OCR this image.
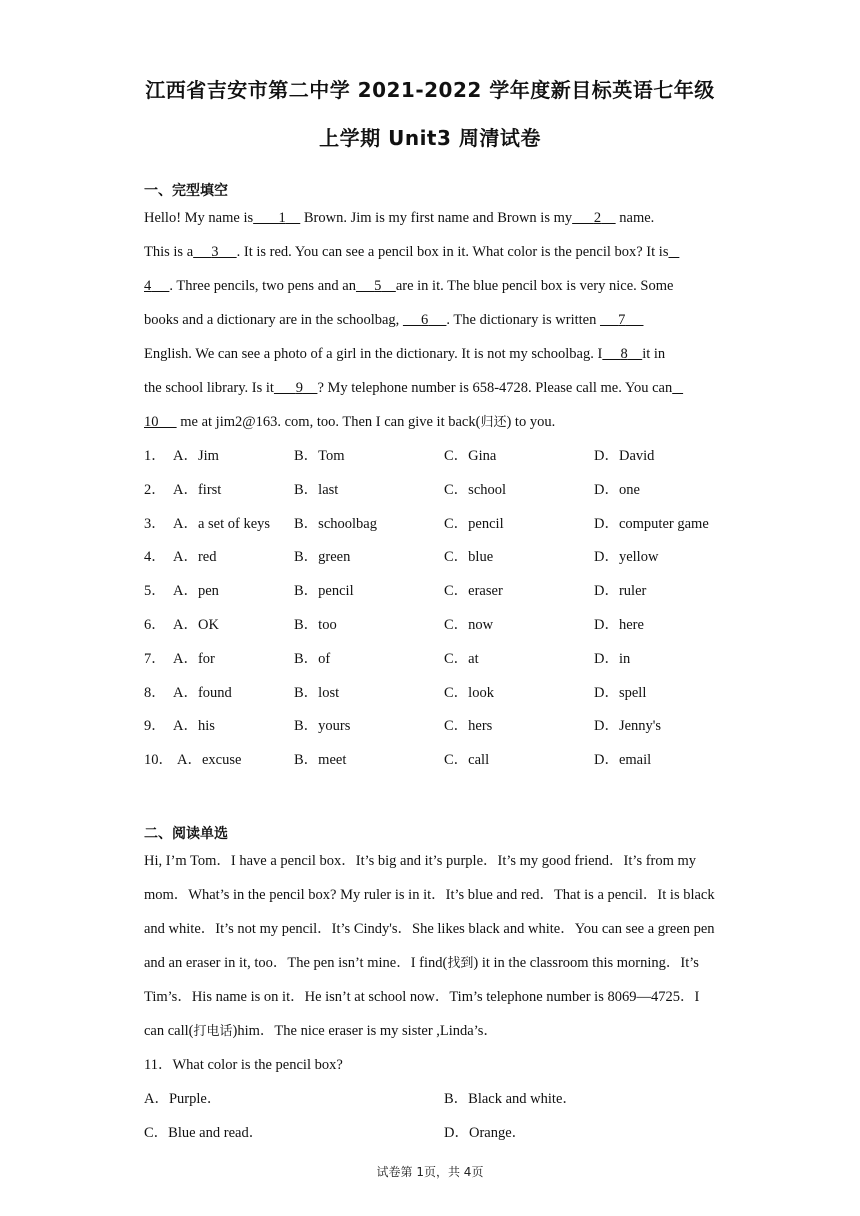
江西省吉安市第二中学 2021-2022 学年度新目标英语七年级
上学期 Unit3 周清试卷
一、完型填空
Hello! My name is 1 Brown. Jim is my first name and Brown is my 2 name.
This is a 3 . It is red. You can see a pencil box in it. What color is the pencil box? It is
4 . Three pencils, two pens and an 5 are in it. The blue pencil box is very nice. Some
books and a dictionary are in the schoolbag, 6 . The dictionary is written 7
English. We can see a photo of a girl in the dictionary. It is not my schoolbag. I 8 it in
the school library. Is it 9 ? My telephone number is 658-4728. Please call me. You can
10 me at jim2@163. com, too. Then I can give it back(归还) to you.
1． A．Jim	B．Tom	C．Gina	D．David
2． A．first	B．last	C．school	D．one
3． A．a set of keys B．schoolbag	C．pencil	D．computer game
4． A．red	B．green	C．blue	D．yellow
5． A．pen	B．pencil	C．eraser	D．ruler
6． A．OK	B．too	C．now	D．here
7． A．for	B．of	C．at	D．in
8． A．found	B．lost	C．look	D．spell
9． A．his	B．yours	C．hers	D．Jenny's
10． A．excuse	B．meet	C．call	D．email
二、阅读单选
Hi, I’m Tom．I have a pencil box．It’s big and it’s purple．It’s my good friend．It’s from my
mom．What’s in the pencil box? My ruler is in it．It’s blue and red．That is a pencil．It is black
and white．It’s not my pencil．It’s Cindy's．She likes black and white．You can see a green pen
and an eraser in it, too．The pen isn’t mine．I find(找到) it in the classroom this morning．It’s
Tim’s．His name is on it．He isn’t at school now．Tim’s telephone number is 8069—4725．I
can call(打电话)him．The nice eraser is my sister ,Linda’s．
11．What color is the pencil box?
A．Purple．	B．Black and white．
C．Blue and read．	D．Orange．
试卷第 1页，共 4页
